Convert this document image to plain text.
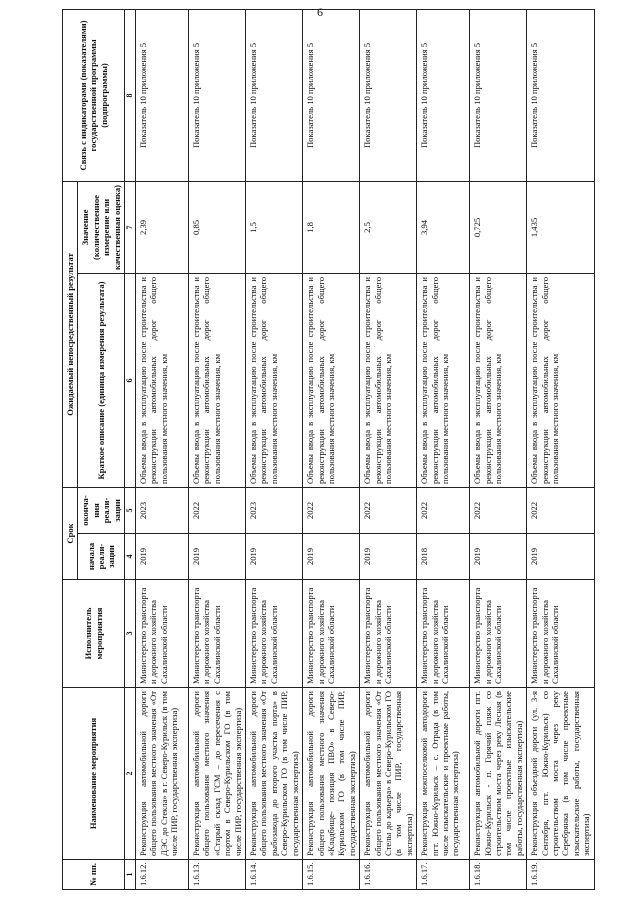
6
№ пп.	Наименование мероприятия	Исполнитель мероприятия	Срок		Ожидаемый непосредственный результат		Связь с индикаторами (показателями) государственной программы (подпрограммы)
			начала реали-зации	оконча-ния реали-зации	Краткое описание (единица измерения результата)	Значение (количественное измерение или качественная оценка)	

1	2	3	4	5	6	7	8
1.6.12.	Реконструкция автомобильной дороги общего пользования местного значения «От ДЭС до Стекла» в г. Северо-Курильск (в том числе ПИР, государственная экспертиза)	Министерство транспорта и дорожного хозяйства Сахалинской области	2019	2023	Объемы ввода в эксплуатацию после строительства и реконструкции автомобильных дорог общего пользования местного значения, км	2,39	Показатель 10 приложения 5
1.6.13.	Реконструкция автомобильной дороги общего пользования местного значения «Старый склад ГСМ – до пересечения с портом в Северо-Курильском ГО (в том числе ПИР, государственная экспертиза)	Министерство транспорта и дорожного хозяйства Сахалинской области	2019	2022	Объемы ввода в эксплуатацию после строительства и реконструкции автомобильных дорог общего пользования местного значения, км	0,85	Показатель 10 приложения 5
1.6.14.	Реконструкция автомобильной дороги общего пользования местного значения «От рыбозавода до второго участка порта» в Северо-Курильском ГО (в том числе ПИР, государственная экспертиза)	Министерство транспорта и дорожного хозяйства Сахалинской области	2019	2023	Объемы ввода в эксплуатацию после строительства и реконструкции автомобильных дорог общего пользования местного значения, км	1,5	Показатель 10 приложения 5
1.6.15.	Реконструкция автомобильной дороги общего пользования местного значения «Кладбище- позиция ПВО» в Северо-Курильском ГО (в том числе ПИР, государственная экспертиза)	Министерство транспорта и дорожного хозяйства Сахалинской области	2019	2022	Объемы ввода в эксплуатацию после строительства и реконструкции автомобильных дорог общего пользования местного значения, км	1,8	Показатель 10 приложения 5
1.6.16.	Реконструкция автомобильной дороги общего пользования местного значения «От Стелы до карьера» в Северо-Курильском ГО (в том числе ПИР, государственная экспертиза)	Министерство транспорта и дорожного хозяйства Сахалинской области	2019	2022	Объемы ввода в эксплуатацию после строительства и реконструкции автомобильных дорог общего пользования местного значения, км	2,5	Показатель 10 приложения 5
1.6.17.	Реконструкция межпоселковой автодороги пгт. Южно-Курильск – с. Отрада (в том числе изыскательские и проектные работы, государственная экспертиза)	Министерство транспорта и дорожного хозяйства Сахалинской области	2018	2022	Объемы ввода в эксплуатацию после строительства и реконструкции автомобильных дорог общего пользования местного значения, км	3,94	Показатель 10 приложения 5
1.6.18.	Реконструкция автомобильной дороги пгт. Южно-Курильск - п. Горячий пляж со строительством моста через реку Лесная (в том числе проектные изыскательские работы, государственная экспертиза)	Министерство транспорта и дорожного хозяйства Сахалинской области	2019	2022	Объемы ввода в эксплуатацию после строительства и реконструкции автомобильных дорог общего пользования местного значения, км	0,725	Показатель 10 приложения 5
1.6.19.	Реконструкция объездной дороги (ул. 3-я Сентября, пгт. Южно-Курильск) со строительством моста через реку Серебрянка (в том числе проектные изыскательские работы, государственная экспертиза)	Министерство транспорта и дорожного хозяйства Сахалинской области	2019	2022	Объемы ввода в эксплуатацию после строительства и реконструкции автомобильных дорог общего пользования местного значения, км	1,435	Показатель 10 приложения 5
